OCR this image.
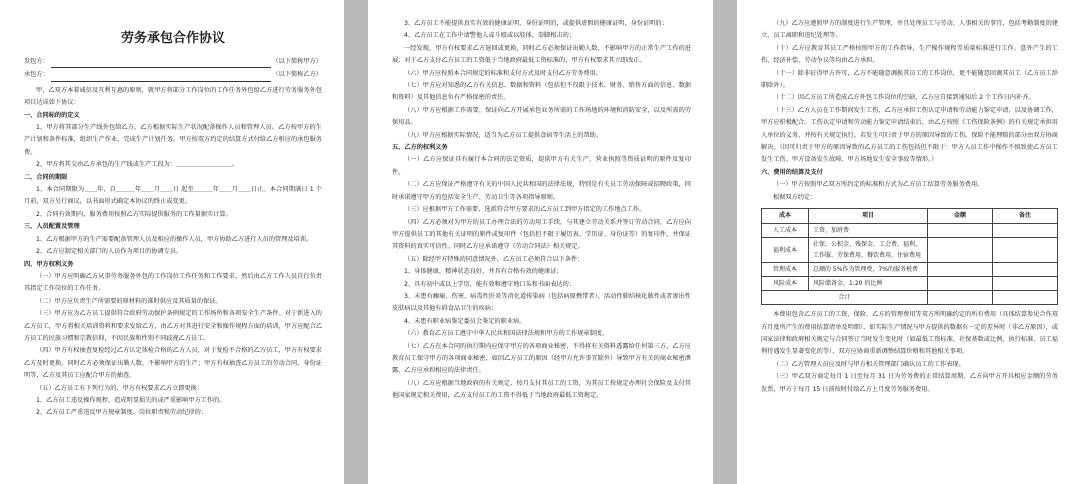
劳务承包合作协议
发包方：	（以下简称甲方）
承包方：	（以下简称乙方）

甲、乙双方本着诚信及互利互惠的原则，就甲方将部分工作岗位的工作任务外包给乙方进行劳务服务外包项目达成如下协议：

一、合同标的的定义

1、甲方将其部分生产线外包给乙方。乙方根据实际生产状况配备操作人员和管理人员。乙方按甲方的生产计划和条件标准，组织生产作业，完成生产计划任务。甲方按双方约定的结算方式付给乙方相应的承包服务费。

2、甲方将其交由乙方承包的生产线或生产工段为：＿＿＿＿＿＿＿＿＿。

二、合同的期限

1、本合同期限为＿＿年，自＿＿＿年＿＿月＿＿日 起至＿＿＿年＿＿月＿＿日止。本合同期满日 1 个月前，双方另行商议，以书面形式确定本协议的终止或变更。

2、合同有效期内，服务费用按照乙方实际提供服务的工作量据实计算。

三、人员配置及管理

1、乙方根据甲方的生产需要配备管理人员及相应的操作人员，甲方协助乙方进行人员的管理及培训。

2、乙方应制定相关部门的人员作为项目的协调专员。

四、甲方权利义务

（一）甲方应明确乙方从事劳务服务外包的工作岗位工作任务和工作要求，然后由乙方工作人员自行负责其指定工作岗位的工作任务。

（二）甲方应负责生产所需要的原材料的准时供应及其质量的保证。

（三）甲方应为乙方员工提供符合政府劳动保护条例规定的工作场所和各项安全生产条件。对于新进入的乙方员工，甲方将相关培训资料和要求发给乙方，由乙方对其进行安全和操作规程方面的培训，甲方应配合乙方员工的民族习惯和宗教信仰，不因民族和性别不同歧视乙方员工。

（四）甲方有权抽查复检经过乙方认定体检合格的乙方人员，对于复检不合格的乙方员工，甲方有权要求乙方及时更换。同时乙方必须保证出勤人数，不影响甲方的生产；甲方有权抽查乙方员工的劳动合同、身份证明等，乙方及其员工应配合甲方的抽查。

（五）乙方员工有下列行为的，甲方有权要求乙方立即更换：

1、乙方员工违反操作规程，造成明显损失的或严重影响甲方工作的。

2、乙方员工严重违反甲方规章制度、岗位职责和劳动纪律的；

3、乙方员工不能提供真实有效的健康证明、身份证明的，或提供虚假的健康证明、身份证明的；

4、乙方员工在工作中请警他人或斗殴或以肢体、拳脚相击的；

一经发现，甲方有权要求乙方退回或更换，同时乙方必须保证出勤人数，不影响甲方的正常生产工作的进展；对于乙方支付乙方员工的工资低于当地政府最低工资标准的，甲方有权要求其立即改正。

（六）甲方应按照本合同规定的标准和支付方式及时支付乙方劳务费用。

（七）甲方应对知悉的乙方有关信息、数据和资料（包括但不仅限于技术、财务、销售方面的信息、数据和资料）及其他信息负有严格保密的责任。

（八）甲方应根据工作需要，保证向乙方开展承包业务所需的工作场地的环境和消防安全，以及所需的劳保用品。

（九）甲方应根据实际情况，适当为乙方员工提供食宿等生活上的帮助。

五、乙方的权利义务

（一）乙方应保证具有履行本合同的法定资质，提供甲方有关生产、营业执照等资质证明的原件及复印件。

（二）乙方应保证严格遵守有关的中国人民共和国的法律法规，特别是有关员工劳动保障或招聘政策，同时承诺遵守甲方的包括安全生产、劳动卫生等各项指导原则。

（三）应根据甲方工作需要，选派符合甲方要求的乙方员工到甲方指定的工作地点工作。

（四）乙方必须对为甲方的员工办理合法的劳动用工手续，与其建立劳动关系并签订劳动合同，乙方应向甲方提供员工的其他有关证明的原件或复印件（包括但不限于履历表、学历证、身份证等）的复印件，并保证其资料的真实可信性。同时乙方应承诺遵守《劳动合同法》相关规定。

（五）除经甲方特殊的同意情况外，乙方员工必须符合以下条件：

1、身体健康，精神状态良好，并具有合格有效的健康证；

2、具有初中或以上学历，能有效和遵守地口头和书面表达的；

3、未患有癫痫、伤寒、病毒性肝炎等消化道传染病（包括病原携带者），活动性肺结核化脓性或者渗出性皮肤病以及其他有碍食品卫生的疾病；

4、未患有职业病鉴定委员会鉴定的职业病。

（六）教育乙方员工遵守中华人民共和国法律法规和甲方的工作规章制度。

（七）乙方在本合同的执行期内应保守甲方的各项商业秘密，不得将有关资料透露给任何第三方，乙方应教育员工保守甲方的各项商业秘密，如因乙方员工的原因（经甲方允许事宜除外）导致甲方有关的商业秘密泄露，乙方应承担相应的法律责任。

（八）乙方应根据当地政府的有关规定，按月支付其员工的工资，为其员工按规定办理社会保险及支付其他国家规定相关费用，乙方支付员工的工资不得低于当地政府最低工资规定。

（九）乙方应遵照甲方的制度进行生产管理，并且处理员工与劳动、人事相关的事宜，包括考勤制度的建立、员工离职和违纪处理等。

（十）乙方应教育其员工严格按照甲方的工作指导，生产操作规程等质量标准进行工作。意外产生的工伤、经济补偿、劳动争议等均由乙方承担。

（十一）除非征得甲方许可，乙方不能随意调换其员工的工作岗位，更不能随意回调其员工（乙方员工辞职除外）。

（十二）因乙方员工所造成乙方外包工作岗位的空缺，乙方应自接到通知后 2 个工作日内补齐。

（十三）乙方人员在工作期间发生工伤，乙方应承担工伤认定申请和劳动能力鉴定申请，以及协调工作，甲方应积极配合。工伤认定申请和劳动能力鉴定申请结束后，由乙方按照《工伤保险条例》的有关规定承担用人单位的义务，并按有关规定执行。若发生可归责于甲方的原因导致的工伤，保险不能理赔的部分由双方协商解决。（因可归责于甲方的原因导致的乙方员工的工伤包括但不限于：甲方人员工作中操作不慎致使乙方员工发生工伤、甲方设备发生故障、甲方场地发生安全事故等情形。）

六、费用的结算及支付

（一）甲方按照甲乙双方所约定的标准和方式为乙方员工结算劳务服务费用。

根据双方约定：

成本	项目	金额	备注
人工成本	工资、加班费		
福利成本	社保、公积金、残保金、工会费、福利、工作服、劳保费用、餐饮费用、住宿费用		
管理成本	总额的 5%作为管理费，7%的服务税费		
风险成本	风险储备金，1:20 的比例		
合计			

本费用包含乙方员工的工资、保险、乙方的管理费用等双方所明确约定的所有费用（具体结算参见合作双方月度所产生的费用结算清单及明细），如实际生产情况与甲方提供的数据有一定的差异时（非乙方原因），或国家法律和政府相关规定与合同签订当时发生变化时（如最低工资标准、社保基数或比例、执行标准、员工福利待遇发生显著变化的等），双方应协商重新调整结算价格和其他相关事项。

（二）乙方管理人员应及时与甲方相关管理部门确认员工的工作表现。

（三）甲乙双方商定每月 1 日至每月 31 日为劳务费的正常结算周期。乙方向甲方开具相应金额的劳务发票，甲方于每月 15 日前按时付给乙方上月度劳务服务费用。
